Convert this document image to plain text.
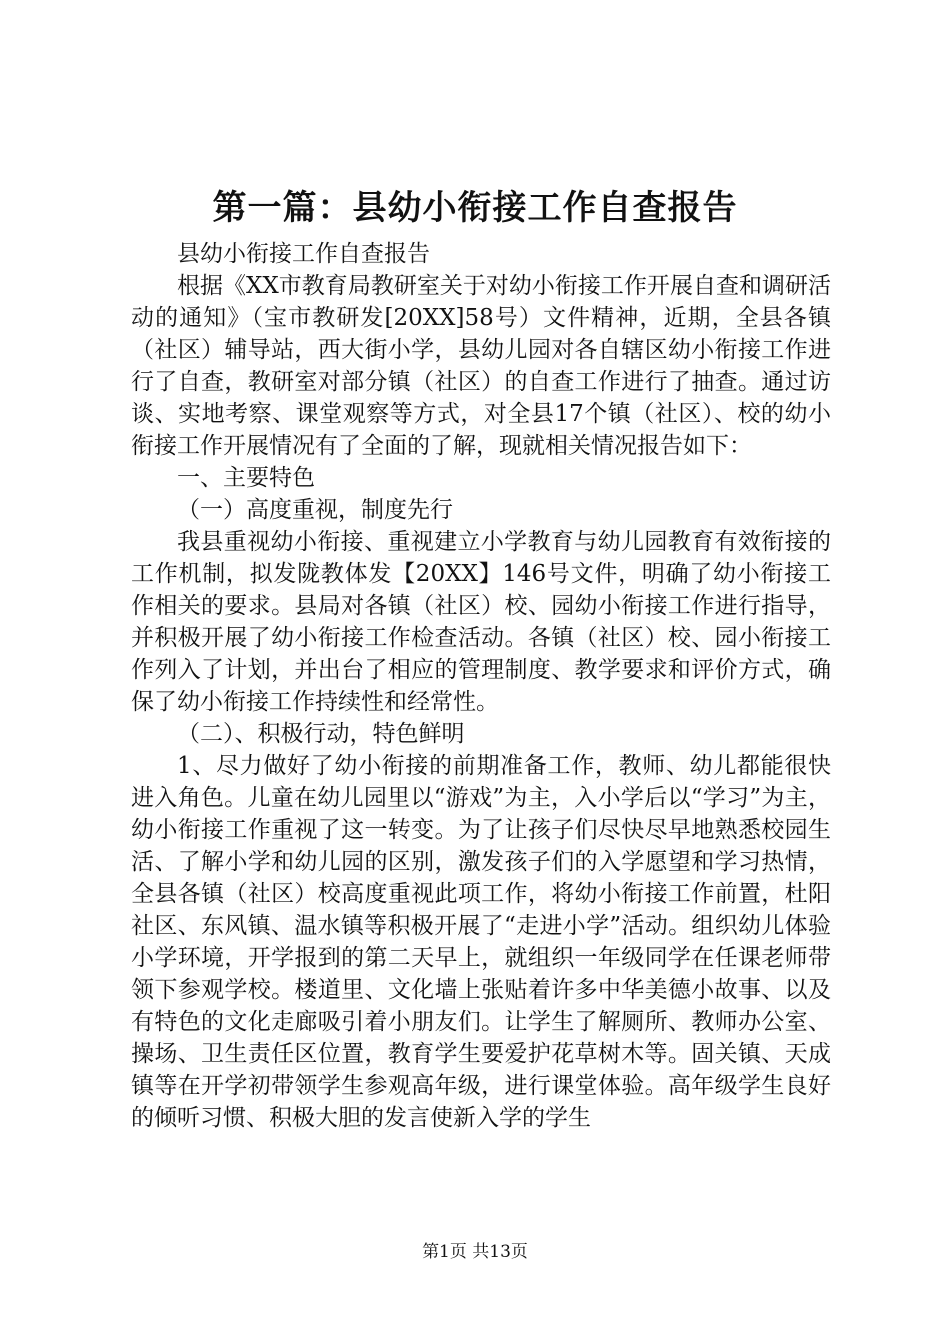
第一篇：县幼小衔接工作自查报告

县幼小衔接工作自查报告

根据《XX市教育局教研室关于对幼小衔接工作开展自查和调研活动的通知》（宝市教研发[20XX]58号）文件精神，近期，全县各镇（社区）辅导站，西大街小学，县幼儿园对各自辖区幼小衔接工作进行了自查，教研室对部分镇（社区）的自查工作进行了抽查。通过访谈、实地考察、课堂观察等方式，对全县17个镇（社区）、校的幼小衔接工作开展情况有了全面的了解，现就相关情况报告如下：

一、主要特色

（一）高度重视，制度先行

我县重视幼小衔接、重视建立小学教育与幼儿园教育有效衔接的工作机制，拟发陇教体发【20XX】146号文件，明确了幼小衔接工作相关的要求。县局对各镇（社区）校、园幼小衔接工作进行指导，并积极开展了幼小衔接工作检查活动。各镇（社区）校、园小衔接工作列入了计划，并出台了相应的管理制度、教学要求和评价方式，确保了幼小衔接工作持续性和经常性。

（二）、积极行动，特色鲜明

1、尽力做好了幼小衔接的前期准备工作，教师、幼儿都能很快进入角色。儿童在幼儿园里以“游戏”为主，入小学后以“学习”为主，幼小衔接工作重视了这一转变。为了让孩子们尽快尽早地熟悉校园生活、了解小学和幼儿园的区别，激发孩子们的入学愿望和学习热情，全县各镇（社区）校高度重视此项工作，将幼小衔接工作前置，杜阳社区、东风镇、温水镇等积极开展了“走进小学”活动。组织幼儿体验小学环境，开学报到的第二天早上，就组织一年级同学在任课老师带领下参观学校。楼道里、文化墙上张贴着许多中华美德小故事、以及有特色的文化走廊吸引着小朋友们。让学生了解厕所、教师办公室、操场、卫生责任区位置，教育学生要爱护花草树木等。固关镇、天成镇等在开学初带领学生参观高年级，进行课堂体验。高年级学生良好的倾听习惯、积极大胆的发言使新入学的学生

第1页 共13页
